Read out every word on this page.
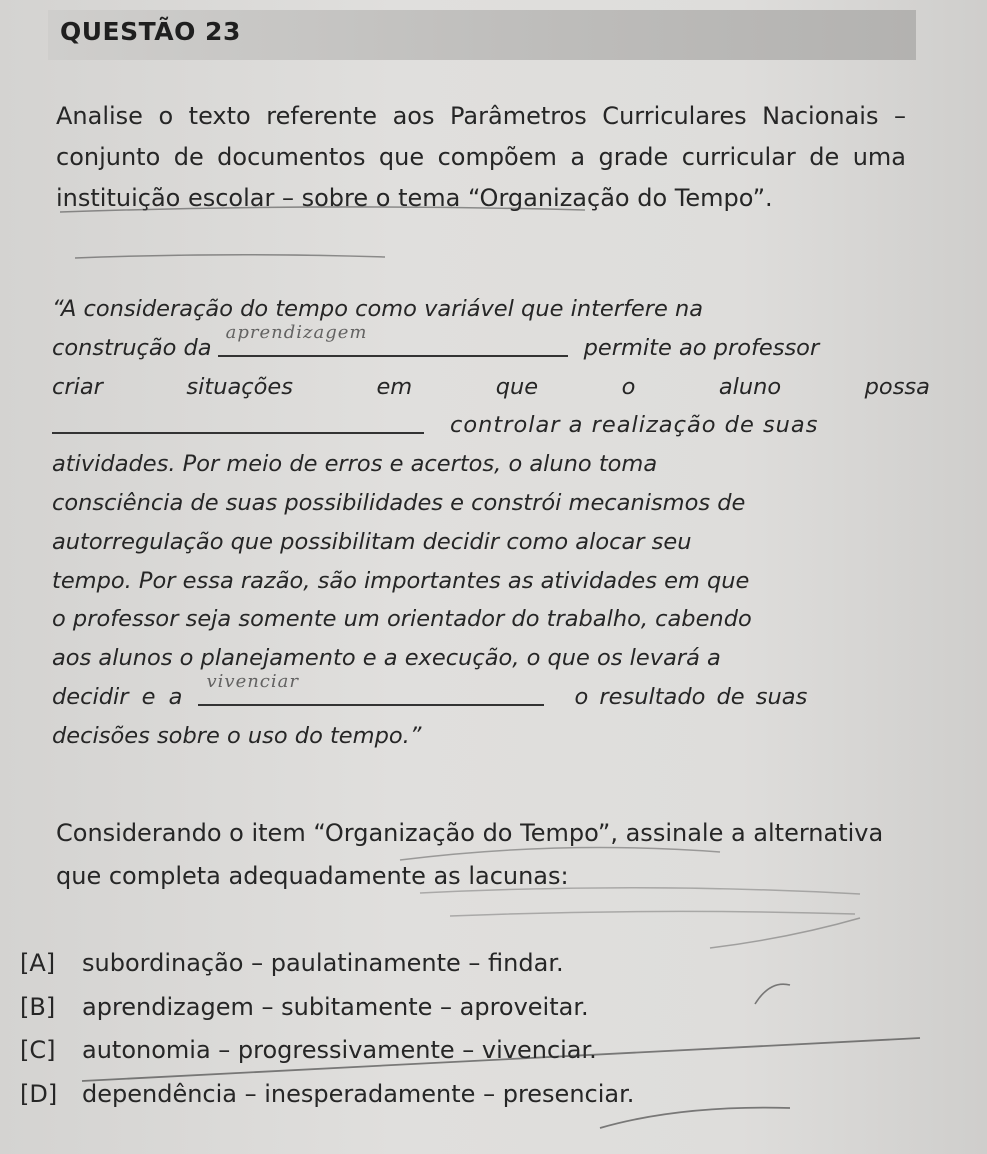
QUESTÃO 23

Analise o texto referente aos Parâmetros Curriculares Nacionais – conjunto de documentos que compõem a grade curricular de uma instituição escolar – sobre o tema “Organização do Tempo”.

“A consideração do tempo como variável que interfere na
construção da
aprendizagem
permite ao professor
criar	situações	em	que	o	aluno	possa
controlar a realização de suas
atividades. Por meio de erros e acertos, o aluno toma
consciência de suas possibilidades e constrói mecanismos de
autorregulação que possibilitam decidir como alocar seu
tempo. Por essa razão, são importantes as atividades em que
o professor seja somente um orientador do trabalho, cabendo
aos alunos o planejamento e a execução, o que os levará a
decidir e a
vivenciar
o resultado de suas
decisões sobre o uso do tempo.”

Considerando o item “Organização do Tempo”, assinale a alternativa que completa adequadamente as lacunas:

[A] subordinação – paulatinamente – findar.
[B] aprendizagem – subitamente – aproveitar.
[C] autonomia – progressivamente – vivenciar.
[D] dependência – inesperadamente – presenciar.
